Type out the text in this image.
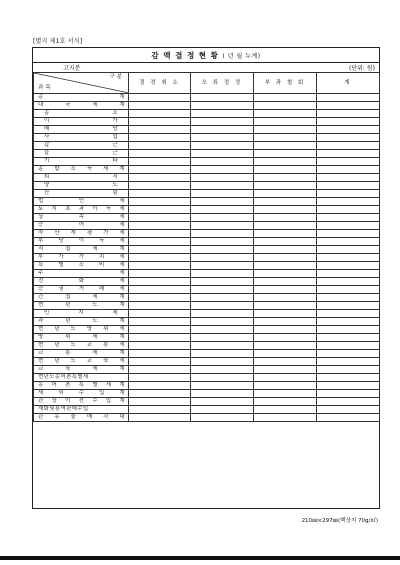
[별지 제1호 서식]
감 액 결 정 현 황 ( 년 월 누계)
고지분	(단위: 원)
구분
과목	결 정 취 소	오 류 정 정	부 과 철 회	계
총 계				
내 국 세 계				
종 소				
이 가				
배 당				
사 업				
갑 근				
을 근				
기 타				
종 합 소 득 세 계				
퇴 직				
양 도				
산 림				
법 인 세				
토 지 초 과 이 득 세				
상 속 세				
증 여 세				
자 산 재 평 가 세				
부 당 이 득 세				
직 접 세 계				
부 가 가 치 세				
특 별 소 비 세				
주 세				
전 화 세				
증 권 거 래 세				
간 접 세 계				
현 년 도 계				
인 지 세				
과 년 도 계				
현 년 도 방 위 세				
방 위 세 계				
현 년 도 교 통 세				
교 통 세 계				
현 년 도 교 육 세				
교 육 세 계				
현년도농어촌특별세				
농 어 촌 특 별 세 계				
세 외 수 입 계				
관 상 이 전 수 입 계				
재화및용역판매수입				
관 유 물 매 각 대				
210㎜×297㎜(백상지 70g/㎡)
